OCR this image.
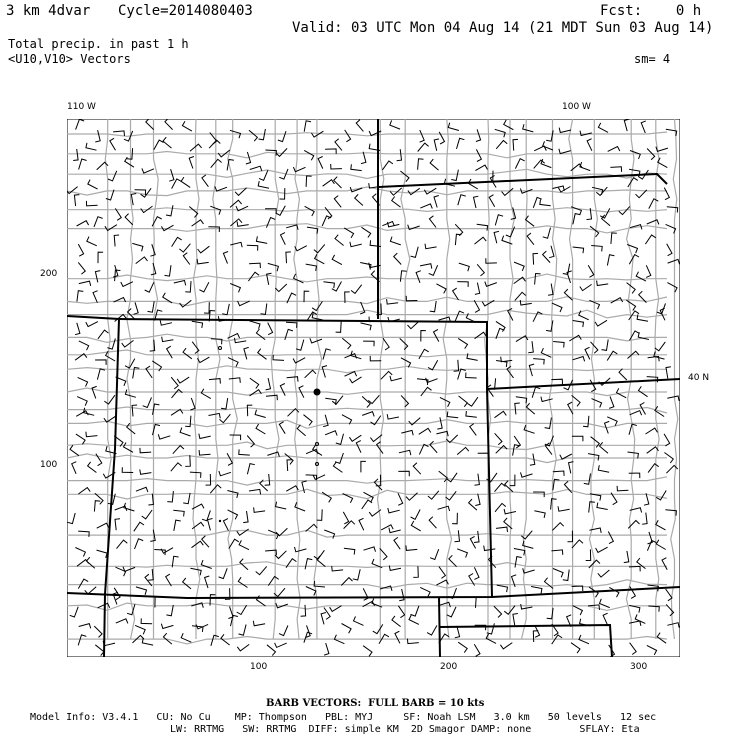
3 km 4dvar Cycle=2014080403	Fcst:    0 h
Valid: 03 UTC Mon 04 Aug 14 (21 MDT Sun 03 Aug 14)
Total precip. in past 1 h
<U10,V10> Vectors	sm= 4
110 W	100 W
40 N
200
100
100	200	300
BARB VECTORS:  FULL BARB = 10 kts
Model Info: V3.4.1   CU: No Cu    MP: Thompson   PBL: MYJ     SF: Noah LSM   3.0 km   50 levels   12 sec
LW: RRTMG   SW: RRTMG  DIFF: simple KM  2D Smagor DAMP: none        SFLAY: Eta
